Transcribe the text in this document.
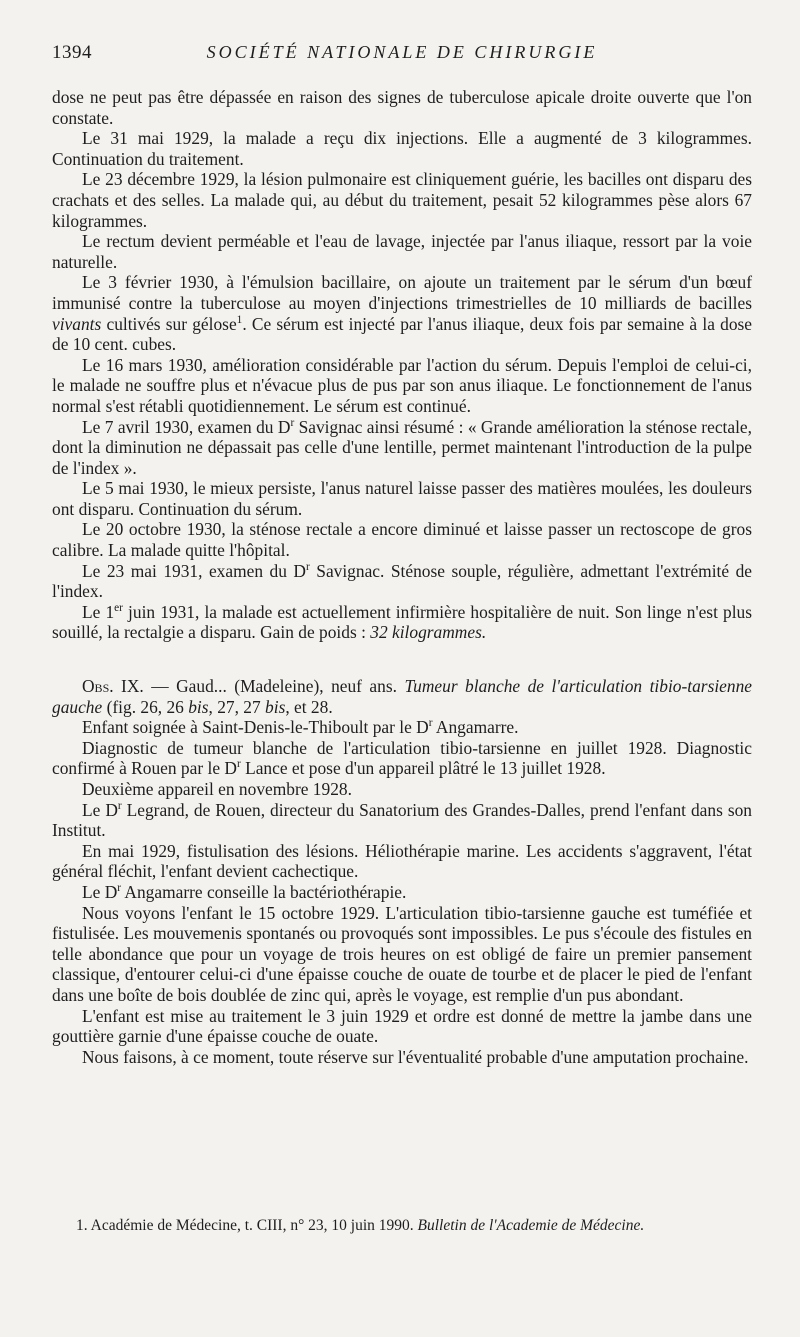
1394	SOCIÉTÉ NATIONALE DE CHIRURGIE

dose ne peut pas être dépassée en raison des signes de tuberculose apicale droite ouverte que l'on constate.

Le 31 mai 1929, la malade a reçu dix injections. Elle a augmenté de 3 kilogrammes. Continuation du traitement.

Le 23 décembre 1929, la lésion pulmonaire est cliniquement guérie, les bacilles ont disparu des crachats et des selles. La malade qui, au début du traitement, pesait 52 kilogrammes pèse alors 67 kilogrammes.

Le rectum devient perméable et l'eau de lavage, injectée par l'anus iliaque, ressort par la voie naturelle.

Le 3 février 1930, à l'émulsion bacillaire, on ajoute un traitement par le sérum d'un bœuf immunisé contre la tuberculose au moyen d'injections trimestrielles de 10 milliards de bacilles vivants cultivés sur gélose$^1$. Ce sérum est injecté par l'anus iliaque, deux fois par semaine à la dose de 10 cent. cubes.

Le 16 mars 1930, amélioration considérable par l'action du sérum. Depuis l'emploi de celui-ci, le malade ne souffre plus et n'évacue plus de pus par son anus iliaque. Le fonctionnement de l'anus normal s'est rétabli quotidiennement. Le sérum est continué.

Le 7 avril 1930, examen du $D^r$ Savignac ainsi résumé : « Grande amélioration la sténose rectale, dont la diminution ne dépassait pas celle d'une lentille, permet maintenant l'introduction de la pulpe de l'index ».

Le 5 mai 1930, le mieux persiste, l'anus naturel laisse passer des matières moulées, les douleurs ont disparu. Continuation du sérum.

Le 20 octobre 1930, la sténose rectale a encore diminué et laisse passer un rectoscope de gros calibre. La malade quitte l'hôpital.

Le 23 mai 1931, examen du $D^r$ Savignac. Sténose souple, régulière, admettant l'extrémité de l'index.

Le 1er juin 1931, la malade est actuellement infirmière hospitalière de nuit. Son linge n'est plus souillé, la rectalgie a disparu. Gain de poids : 32 kilogrammes.

Obs. IX. — Gaud... (Madeleine), neuf ans. Tumeur blanche de l'articulation tibio-tarsienne gauche (fig. 26, 26 bis, 27, 27 bis, et 28.

Enfant soignée à Saint-Denis-le-Thiboult par le $D^r$ Angamarre.

Diagnostic de tumeur blanche de l'articulation tibio-tarsienne en juillet 1928. Diagnostic confirmé à Rouen par le $D^r$ Lance et pose d'un appareil plâtré le 13 juillet 1928.

Deuxième appareil en novembre 1928.

Le $D^r$ Legrand, de Rouen, directeur du Sanatorium des Grandes-Dalles, prend l'enfant dans son Institut.

En mai 1929, fistulisation des lésions. Héliothérapie marine. Les accidents s'aggravent, l'état général fléchit, l'enfant devient cachectique.

Le $D^r$ Angamarre conseille la bactériothérapie.

Nous voyons l'enfant le 15 octobre 1929. L'articulation tibio-tarsienne gauche est tuméfiée et fistulisée. Les mouvemenis spontanés ou provoqués sont impossibles. Le pus s'écoule des fistules en telle abondance que pour un voyage de trois heures on est obligé de faire un premier pansement classique, d'entourer celui-ci d'une épaisse couche de ouate de tourbe et de placer le pied de l'enfant dans une boîte de bois doublée de zinc qui, après le voyage, est remplie d'un pus abondant.

L'enfant est mise au traitement le 3 juin 1929 et ordre est donné de mettre la jambe dans une gouttière garnie d'une épaisse couche de ouate.

Nous faisons, à ce moment, toute réserve sur l'éventualité probable d'une amputation prochaine.

1. Académie de Médecine, t. CIII, n° 23, 10 juin 1990. Bulletin de l'Academie de Médecine.
